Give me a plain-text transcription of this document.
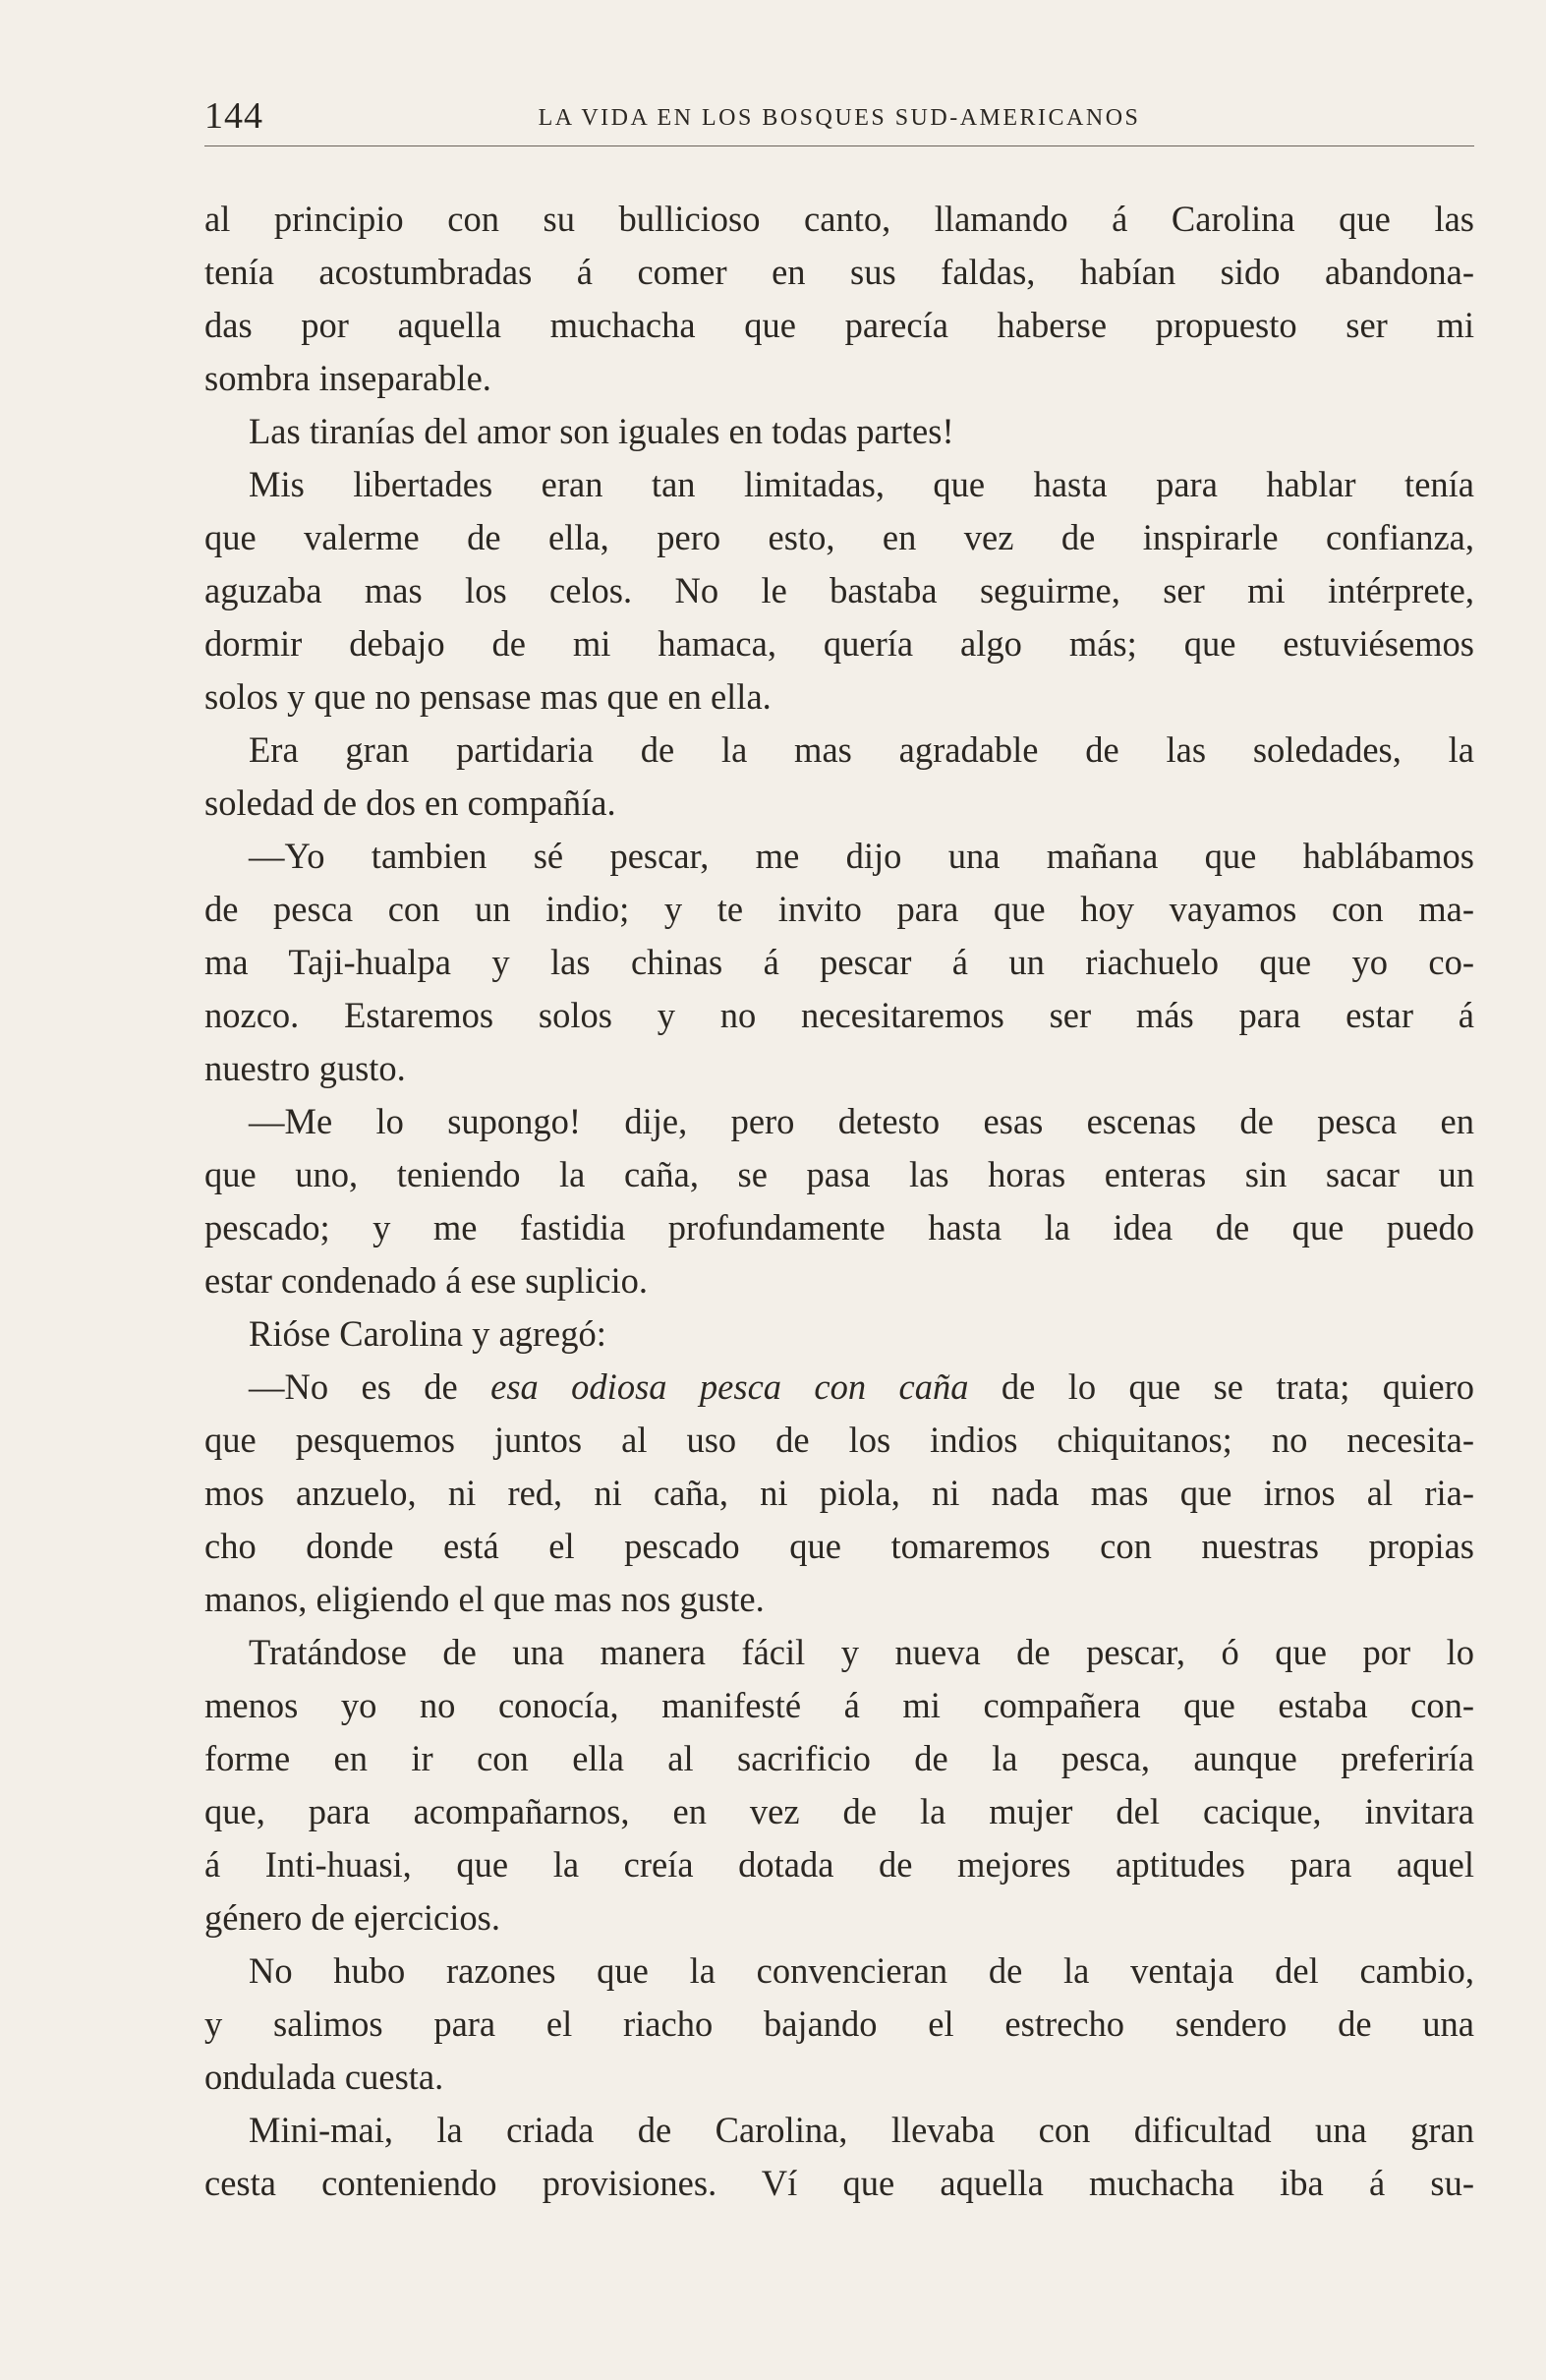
144	LA VIDA EN LOS BOSQUES SUD-AMERICANOS
al principio con su bullicioso canto, llamando á Carolina que las
tenía acostumbradas á comer en sus faldas, habían sido abandona-
das por aquella muchacha que parecía haberse propuesto ser mi
sombra inseparable.
Las tiranías del amor son iguales en todas partes!
Mis libertades eran tan limitadas, que hasta para hablar tenía
que valerme de ella, pero esto, en vez de inspirarle confianza,
aguzaba mas los celos. No le bastaba seguirme, ser mi intérprete,
dormir debajo de mi hamaca, quería algo más; que estuviésemos
solos y que no pensase mas que en ella.
Era gran partidaria de la mas agradable de las soledades, la
soledad de dos en compañía.
—Yo tambien sé pescar, me dijo una mañana que hablábamos
de pesca con un indio; y te invito para que hoy vayamos con ma-
ma Taji-hualpa y las chinas á pescar á un riachuelo que yo co-
nozco. Estaremos solos y no necesitaremos ser más para estar á
nuestro gusto.
—Me lo supongo! dije, pero detesto esas escenas de pesca en
que uno, teniendo la caña, se pasa las horas enteras sin sacar un
pescado; y me fastidia profundamente hasta la idea de que puedo
estar condenado á ese suplicio.
Rióse Carolina y agregó:
—No es de esa odiosa pesca con caña de lo que se trata; quiero
que pesquemos juntos al uso de los indios chiquitanos; no necesita-
mos anzuelo, ni red, ni caña, ni piola, ni nada mas que irnos al ria-
cho donde está el pescado que tomaremos con nuestras propias
manos, eligiendo el que mas nos guste.
Tratándose de una manera fácil y nueva de pescar, ó que por lo
menos yo no conocía, manifesté á mi compañera que estaba con-
forme en ir con ella al sacrificio de la pesca, aunque preferiría
que, para acompañarnos, en vez de la mujer del cacique, invitara
á Inti-huasi, que la creía dotada de mejores aptitudes para aquel
género de ejercicios.
No hubo razones que la convencieran de la ventaja del cambio,
y salimos para el riacho bajando el estrecho sendero de una
ondulada cuesta.
Mini-mai, la criada de Carolina, llevaba con dificultad una gran
cesta conteniendo provisiones. Ví que aquella muchacha iba á su-
